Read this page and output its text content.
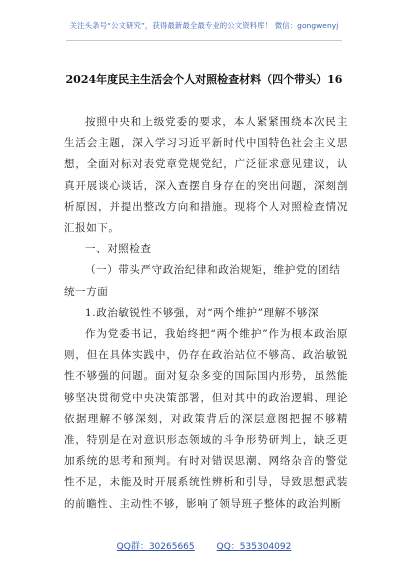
关注头条号“公文研究”，获得最新最全最专业的公文资料库！ 微信：gongwenyj
2024年度民主生活会个人对照检查材料（四个带头）16

按照中央和上级党委的要求，本人紧紧围绕本次民主生活会主题，深入学习习近平新时代中国特色社会主义思想，全面对标对表党章党规党纪，广泛征求意见建议，认真开展谈心谈话，深入查摆自身存在的突出问题，深刻剖析原因，并提出整改方向和措施。现将个人对照检查情况汇报如下。

一、对照检查

（一）带头严守政治纪律和政治规矩，维护党的团结统一方面

1.政治敏锐性不够强，对“两个维护”理解不够深

作为党委书记，我始终把“两个维护”作为根本政治原则，但在具体实践中，仍存在政治站位不够高、政治敏锐性不够强的问题。面对复杂多变的国际国内形势，虽然能够坚决贯彻党中央决策部署，但对其中的政治逻辑、理论依据理解不够深刻，对政策背后的深层意图把握不够精准，特别是在对意识形态领域的斗争形势研判上，缺乏更加系统的思考和预判。有时对错误思潮、网络杂音的警觉性不足，未能及时开展系统性辨析和引导，导致思想武装的前瞻性、主动性不够，影响了领导班子整体的政治判断

QQ群：30265665 QQ：535304092
